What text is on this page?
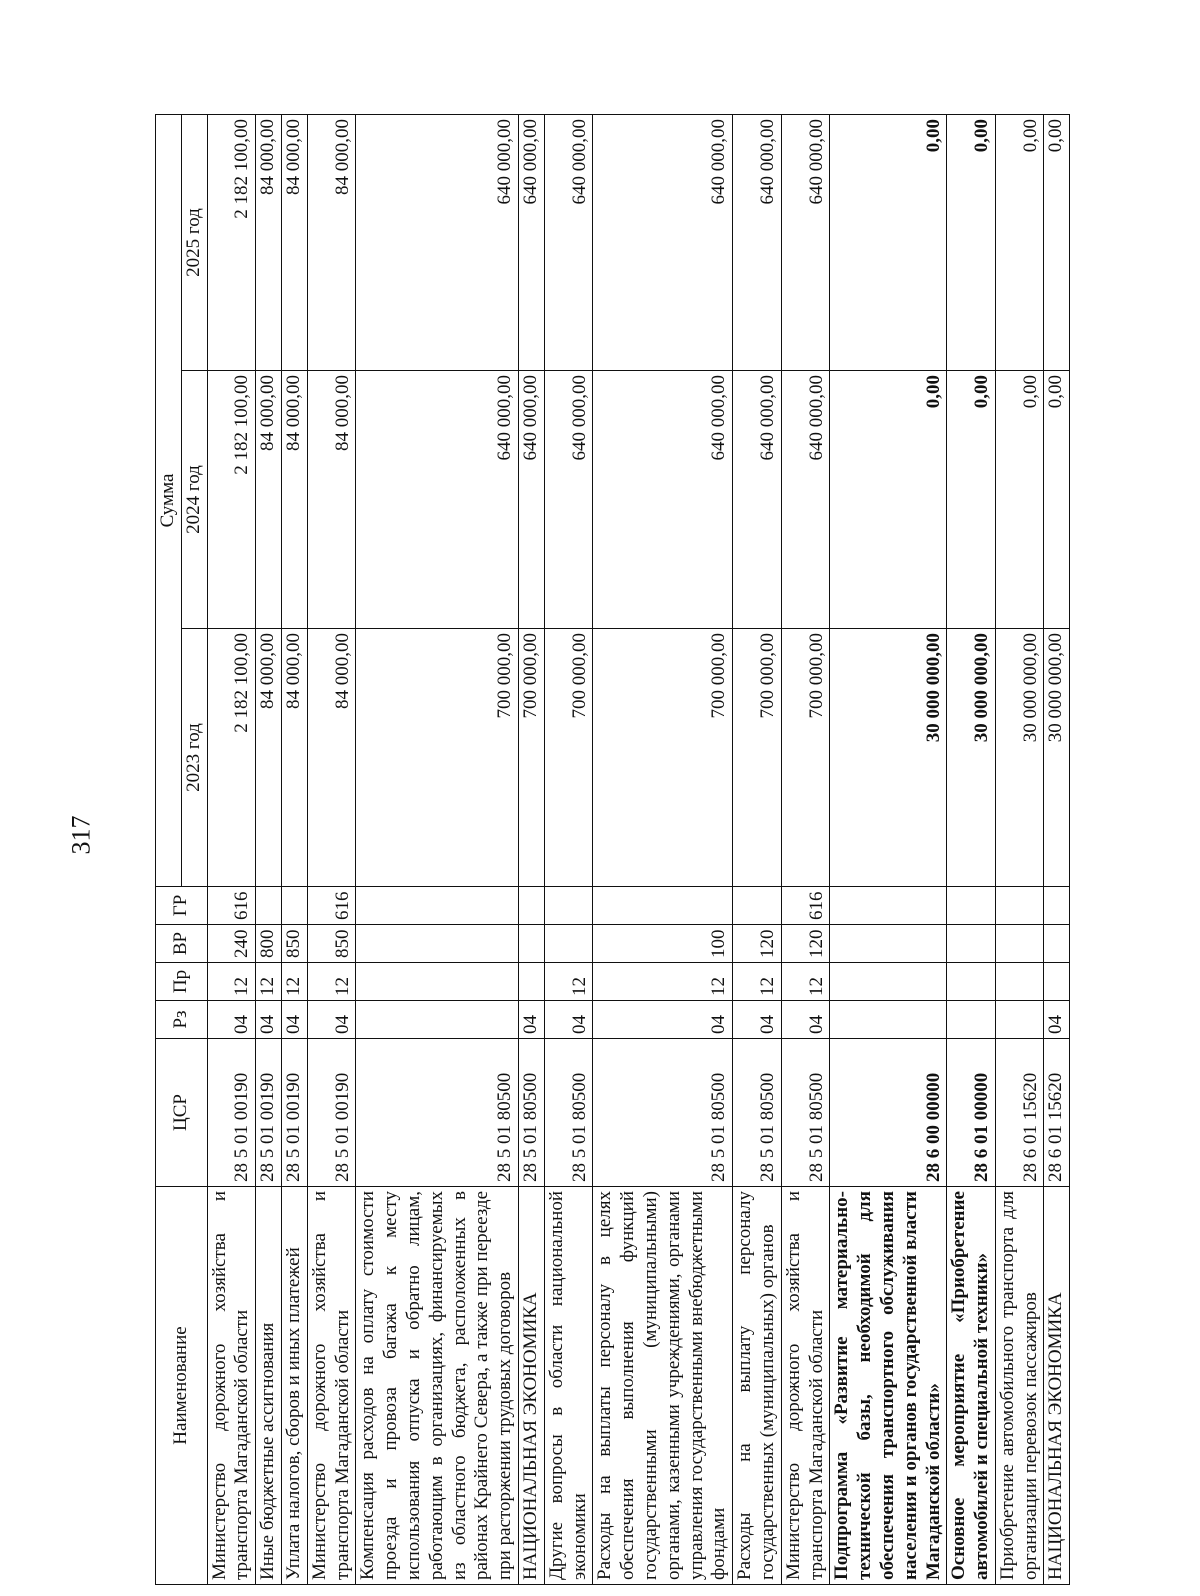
317
Наименование	ЦСР	Рз	Пр	ВР	ГР	Сумма		
						2023 год	2024 год	2025 год
Министерство дорожного хозяйства и транспорта Магаданской области	28 5 01 00190	04	12	240	616	2 182 100,00	2 182 100,00	2 182 100,00
Иные бюджетные ассигнования	28 5 01 00190	04	12	800		84 000,00	84 000,00	84 000,00
Уплата налогов, сборов и иных платежей	28 5 01 00190	04	12	850		84 000,00	84 000,00	84 000,00
Министерство дорожного хозяйства и транспорта Магаданской области	28 5 01 00190	04	12	850	616	84 000,00	84 000,00	84 000,00
Компенсация расходов на оплату стоимости проезда и провоза багажа к месту использования отпуска и обратно лицам, работающим в организациях, финансируемых из областного бюджета, расположенных в районах Крайнего Севера, а также при переезде при расторжении трудовых договоров	28 5 01 80500					700 000,00	640 000,00	640 000,00
НАЦИОНАЛЬНАЯ ЭКОНОМИКА	28 5 01 80500	04				700 000,00	640 000,00	640 000,00
Другие вопросы в области национальной экономики	28 5 01 80500	04	12			700 000,00	640 000,00	640 000,00
Расходы на выплаты персоналу в целях обеспечения выполнения функций государственными (муниципальными) органами, казенными учреждениями, органами управления государственными внебюджетными фондами	28 5 01 80500	04	12	100		700 000,00	640 000,00	640 000,00
Расходы на выплату персоналу государственных (муниципальных) органов	28 5 01 80500	04	12	120		700 000,00	640 000,00	640 000,00
Министерство дорожного хозяйства и транспорта Магаданской области	28 5 01 80500	04	12	120	616	700 000,00	640 000,00	640 000,00
Подпрограмма «Развитие материально-технической базы, необходимой для обеспечения транспортного обслуживания населения и органов государственной власти Магаданской области»	28 6 00 00000					30 000 000,00	0,00	0,00
Основное мероприятие «Приобретение автомобилей и специальной техники»	28 6 01 00000					30 000 000,00	0,00	0,00
Приобретение автомобильного транспорта для организации перевозок пассажиров	28 6 01 15620					30 000 000,00	0,00	0,00
НАЦИОНАЛЬНАЯ ЭКОНОМИКА	28 6 01 15620	04				30 000 000,00	0,00	0,00
